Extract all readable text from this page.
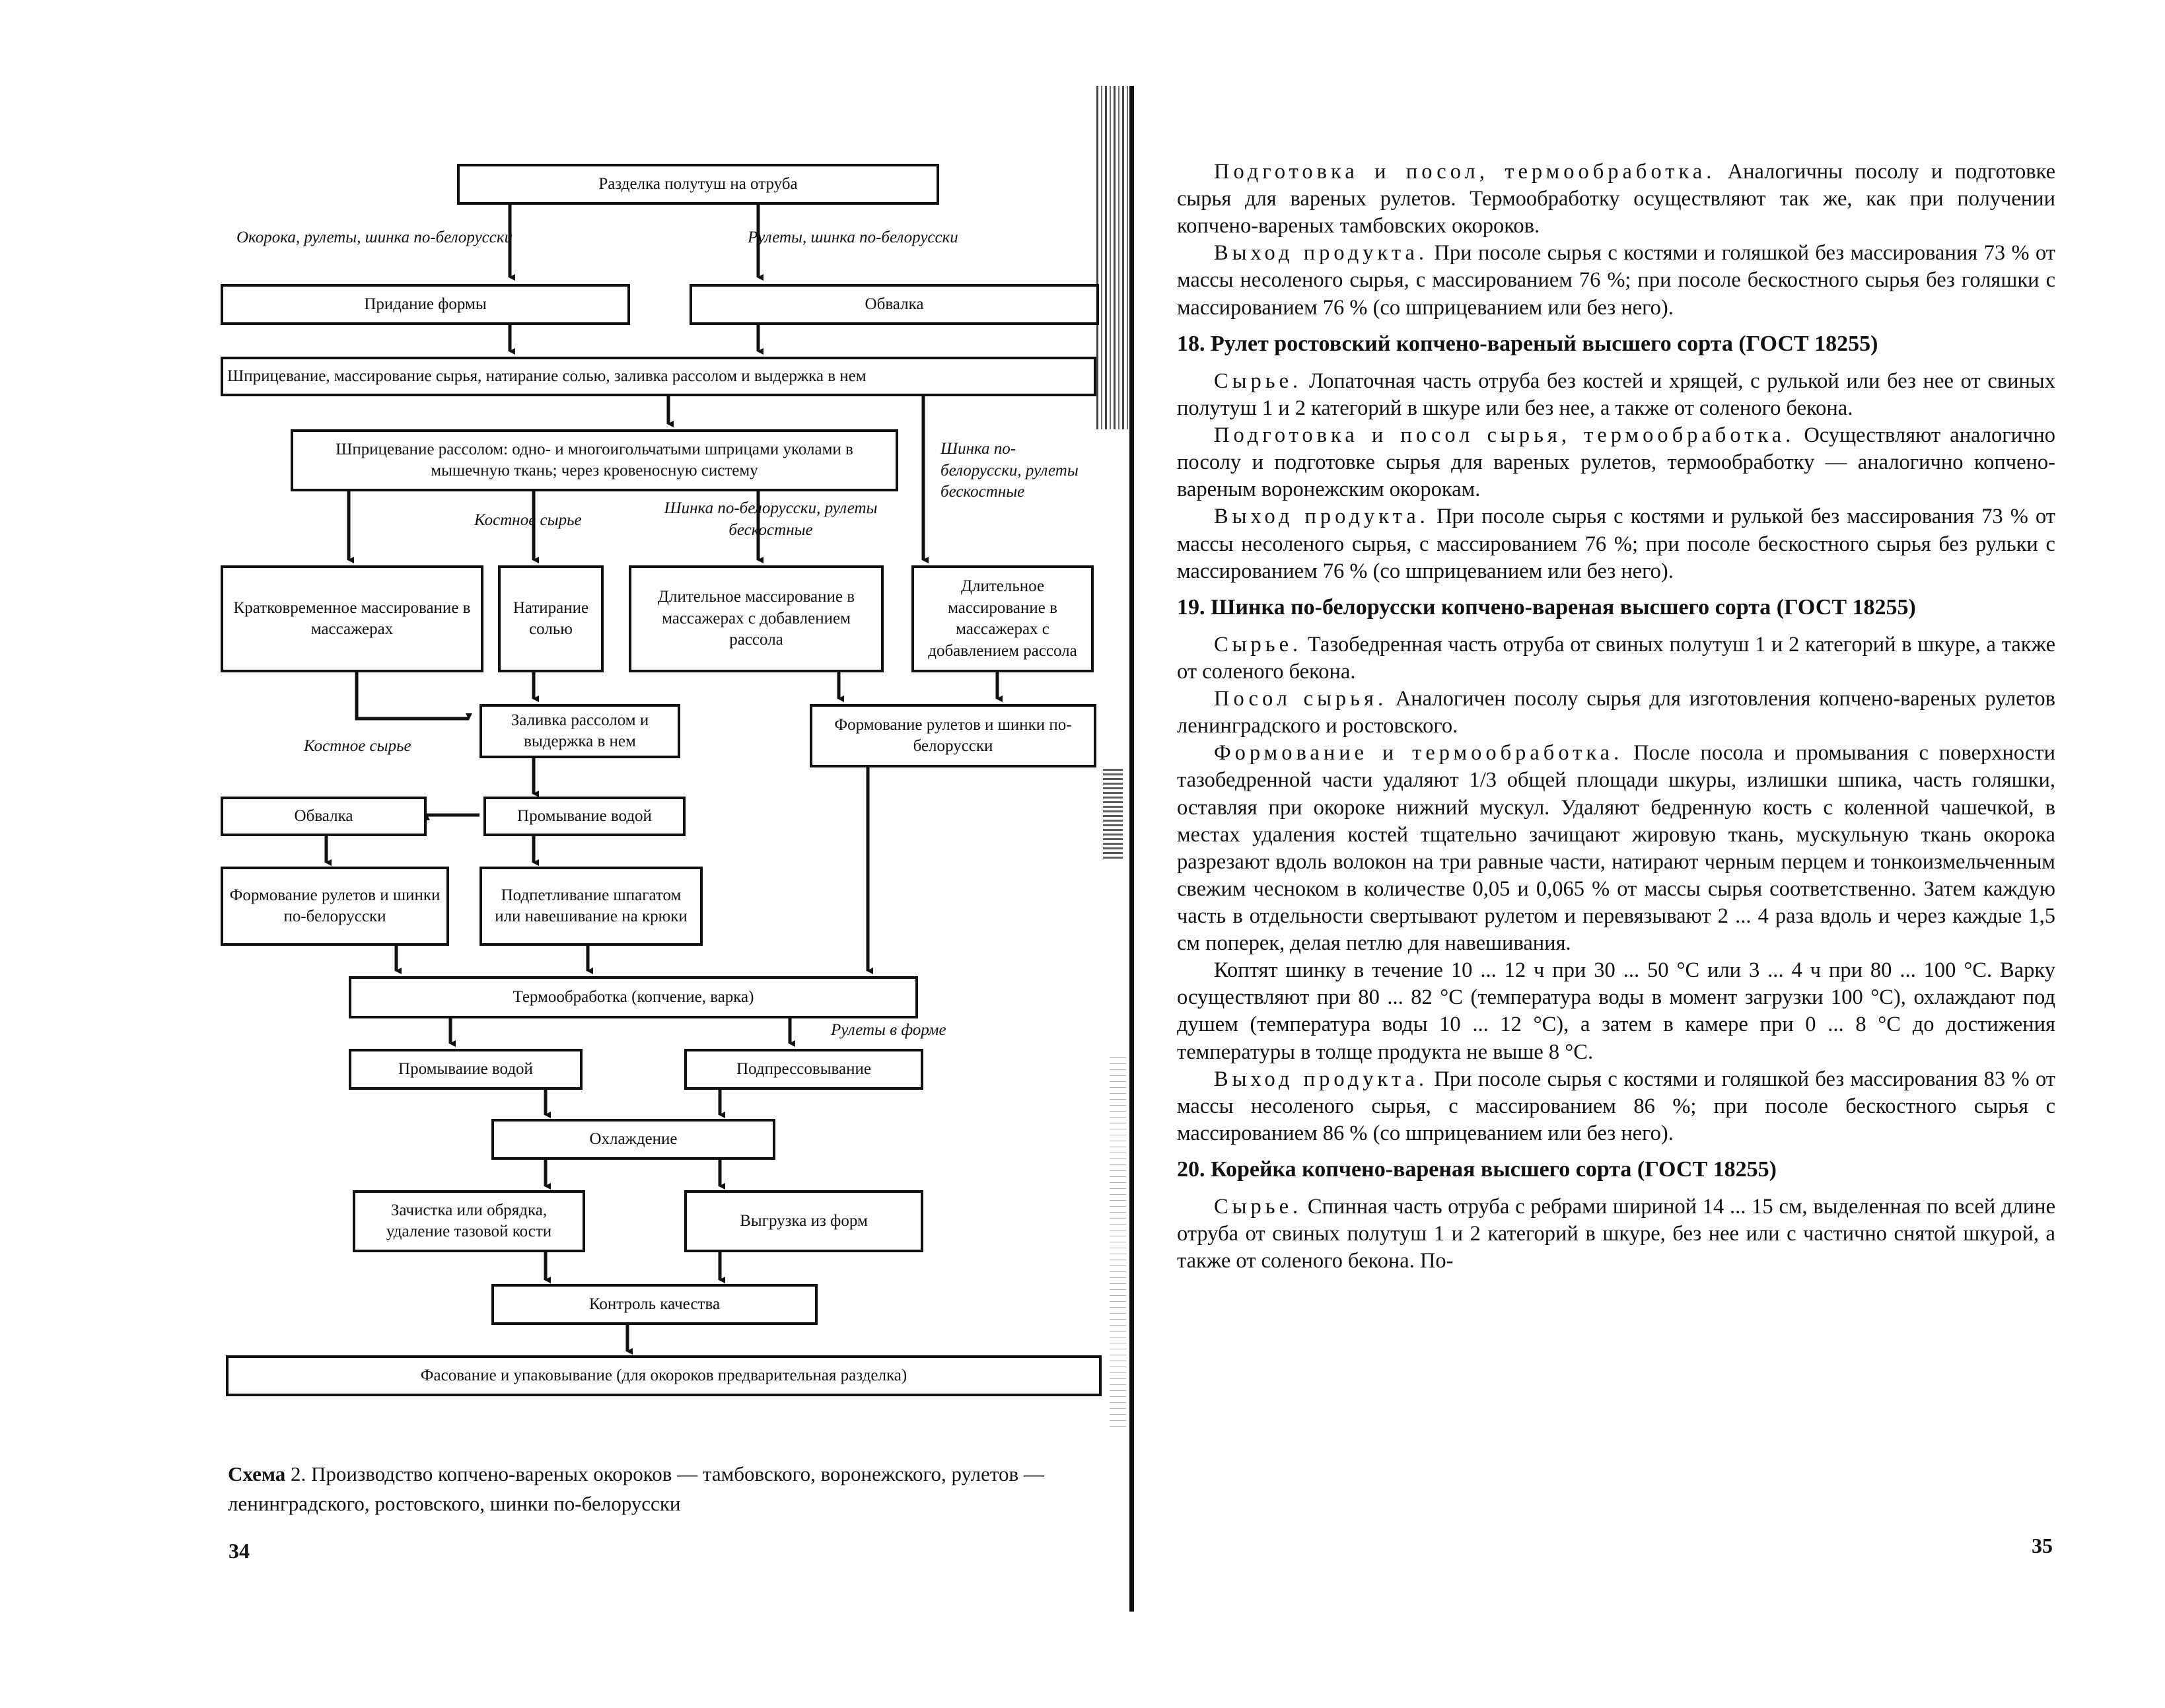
Разделка полутуш на отруба
Окорока, рулеты, шинка по-белорусски	Рулеты, шинка по-белорусски
Придание формы	Обвалка
Шприцевание, массирование сырья, натирание солью, заливка рассолом и выдержка в нем
Шприцевание рассолом: одно- и многоигольчатыми шприцами уколами в мышечную ткань; через кровеносную систему
Шинка по-белорусски, рулеты бескостные
Костное сырье
Шинка по-белорусски, рулеты бескостные
Кратковременное массирование в массажерах
Натирание солью
Длительное массирование в массажерах с добавлением рассола
Длительное массирование в массажерах с добавлением рассола
Заливка рассолом и выдержка в нем
Формование рулетов и шинки по-белорусски
Костное сырье
Обвалка	Промывание водой
Формование рулетов и шинки по-белорусски
Подпетливание шпагатом или навешивание на крюки
Термообработка (копчение, варка)
Рулеты в форме
Промываиие водой	Подпрессовывание
Охлаждение
Зачистка или обрядка, удаление тазовой кости
Выгрузка из форм
Контроль качества
Фасование и упаковывание (для окороков предварительная разделка)
Схема 2. Производство копчено-вареных окороков — тамбовского, воронежского, рулетов — ленинградского, ростовского, шинки по-белорусски
34	35

Подготовка и посол, термообработка. Аналогичны посолу и подготовке сырья для вареных рулетов. Термообработку осуществляют так же, как при получении копчено-вареных тамбовских окороков.

Выход продукта. При посоле сырья с костями и голяшкой без массирования 73 % от массы несоленого сырья, с массированием 76 %; при посоле бескостного сырья без голяшки с массированием 76 % (со шприцеванием или без него).

18. Рулет ростовский копчено-вареный высшего сорта (ГОСТ 18255)

Сырье. Лопаточная часть отруба без костей и хрящей, с рулькой или без нее от свиных полутуш 1 и 2 категорий в шкуре или без нее, а также от соленого бекона.

Подготовка и посол сырья, термообработка. Осуществляют аналогично посолу и подготовке сырья для вареных рулетов, термообработку — аналогично копчено-вареным воронежским окорокам.

Выход продукта. При посоле сырья с костями и рулькой без массирования 73 % от массы несоленого сырья, с массированием 76 %; при посоле бескостного сырья без рульки с массированием 76 % (со шприцеванием или без него).

19. Шинка по-белорусски копчено-вареная высшего сорта (ГОСТ 18255)

Сырье. Тазобедренная часть отруба от свиных полутуш 1 и 2 категорий в шкуре, а также от соленого бекона.

Посол сырья. Аналогичен посолу сырья для изготовления копчено-вареных рулетов ленинградского и ростовского.

Формование и термообработка. После посола и промывания с поверхности тазобедренной части удаляют 1/3 общей площади шкуры, излишки шпика, часть голяшки, оставляя при окороке нижний мускул. Удаляют бедренную кость с коленной чашечкой, в местах удаления костей тщательно зачищают жировую ткань, мускульную ткань окорока разрезают вдоль волокон на три равные части, натирают черным перцем и тонкоизмельченным свежим чесноком в количестве 0,05 и 0,065 % от массы сырья соответственно. Затем каждую часть в отдельности свертывают рулетом и перевязывают 2 ... 4 раза вдоль и через каждые 1,5 см поперек, делая петлю для навешивания.

Коптят шинку в течение 10 ... 12 ч при 30 ... 50 °С или 3 ... 4 ч при 80 ... 100 °С. Варку осуществляют при 80 ... 82 °С (температура воды в момент загрузки 100 °С), охлаждают под душем (температура воды 10 ... 12 °С), а затем в камере при 0 ... 8 °С до достижения температуры в толще продукта не выше 8 °С.

Выход продукта. При посоле сырья с костями и голяшкой без массирования 83 % от массы несоленого сырья, с массированием 86 %; при посоле бескостного сырья с массированием 86 % (со шприцеванием или без него).

20. Корейка копчено-вареная высшего сорта (ГОСТ 18255)

Сырье. Спинная часть отруба с ребрами шириной 14 ... 15 см, выделенная по всей длине отруба от свиных полутуш 1 и 2 категорий в шкуре, без нее или с частично снятой шкурой, а также от соленого бекона. По-
